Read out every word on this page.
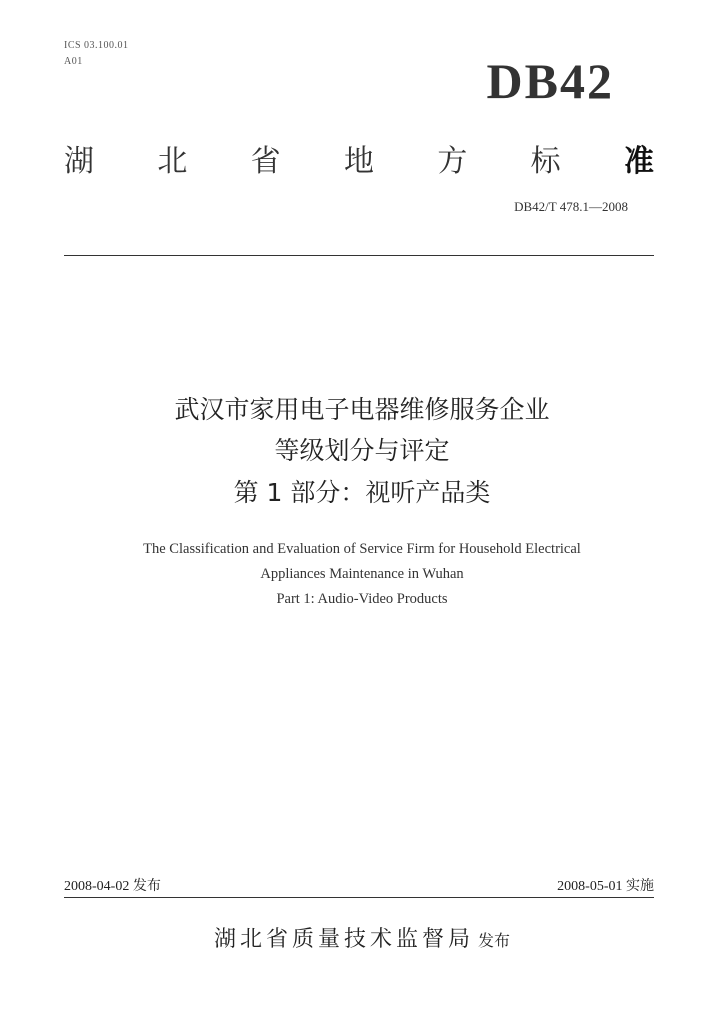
ICS 03.100.01
A01	DB42
湖 北 省 地 方 标 准
DB42/T 478.1—2008
武汉市家用电子电器维修服务企业
等级划分与评定
第 1 部分：视听产品类
The Classification and Evaluation of Service Firm for Household Electrical
Appliances Maintenance in Wuhan
Part 1: Audio-Video Products
2008-04-02 发布	2008-05-01 实施
湖北省质量技术监督局 发布
